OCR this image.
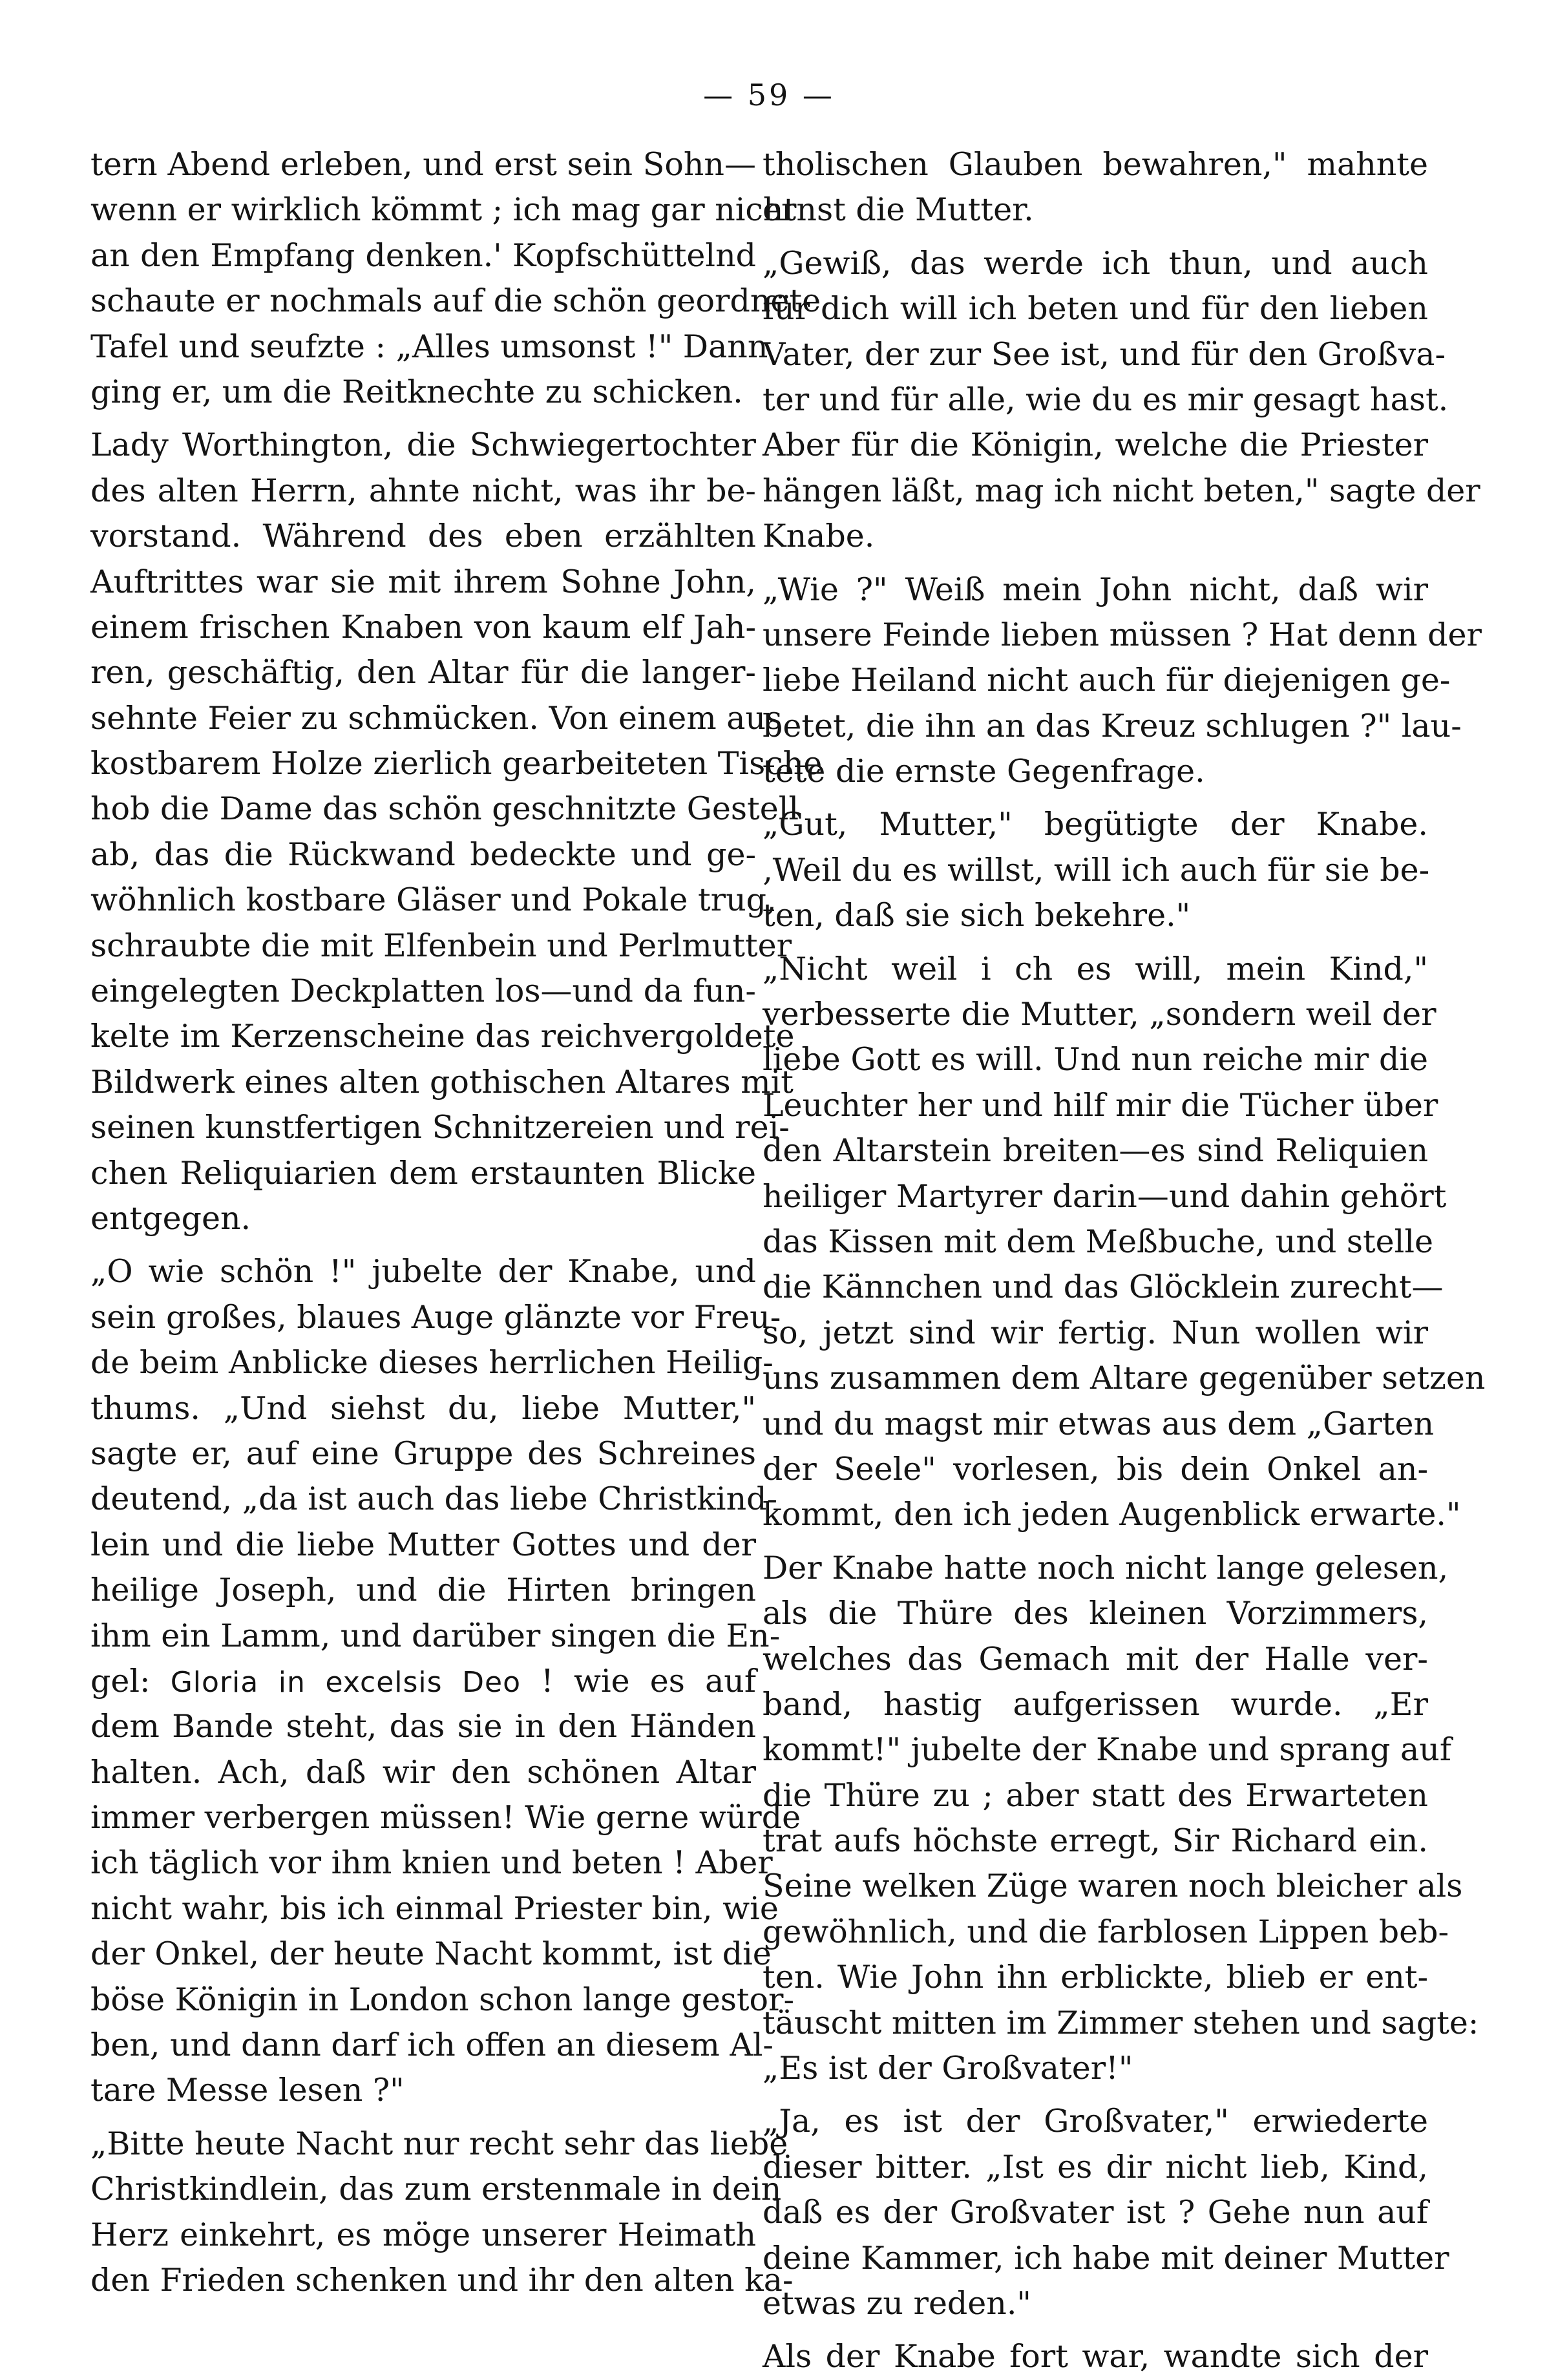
— 59 —
tern Abend erleben, und erst sein Sohn—
wenn er wirklich kömmt ; ich mag gar nicht
an den Empfang denken.' Kopfschüttelnd
schaute er nochmals auf die schön geordnete
Tafel und seufzte : „Alles umsonst !" Dann
ging er, um die Reitknechte zu schicken.
Lady Worthington, die Schwiegertochter
des alten Herrn, ahnte nicht, was ihr be-
vorstand. Während des eben erzählten
Auftrittes war sie mit ihrem Sohne John,
einem frischen Knaben von kaum elf Jah-
ren, geschäftig, den Altar für die langer-
sehnte Feier zu schmücken. Von einem aus
kostbarem Holze zierlich gearbeiteten Tische
hob die Dame das schön geschnitzte Gestell
ab, das die Rückwand bedeckte und ge-
wöhnlich kostbare Gläser und Pokale trug,
schraubte die mit Elfenbein und Perlmutter
eingelegten Deckplatten los—und da fun-
kelte im Kerzenscheine das reichvergoldete
Bildwerk eines alten gothischen Altares mit
seinen kunstfertigen Schnitzereien und rei-
chen Reliquiarien dem erstaunten Blicke
entgegen.
„O wie schön !" jubelte der Knabe, und
sein großes, blaues Auge glänzte vor Freu-
de beim Anblicke dieses herrlichen Heilig-
thums. „Und siehst du, liebe Mutter,"
sagte er, auf eine Gruppe des Schreines
deutend, „da ist auch das liebe Christkind-
lein und die liebe Mutter Gottes und der
heilige Joseph, und die Hirten bringen
ihm ein Lamm, und darüber singen die En-
gel: Gloria in excelsis Deo ! wie es auf
dem Bande steht, das sie in den Händen
halten. Ach, daß wir den schönen Altar
immer verbergen müssen! Wie gerne würde
ich täglich vor ihm knien und beten ! Aber
nicht wahr, bis ich einmal Priester bin, wie
der Onkel, der heute Nacht kommt, ist die
böse Königin in London schon lange gestor-
ben, und dann darf ich offen an diesem Al-
tare Messe lesen ?"
„Bitte heute Nacht nur recht sehr das liebe
Christkindlein, das zum erstenmale in dein
Herz einkehrt, es möge unserer Heimath
den Frieden schenken und ihr den alten ka-
tholischen Glauben bewahren," mahnte
ernst die Mutter.
„Gewiß, das werde ich thun, und auch
für dich will ich beten und für den lieben
Vater, der zur See ist, und für den Großva-
ter und für alle, wie du es mir gesagt hast.
Aber für die Königin, welche die Priester
hängen läßt, mag ich nicht beten," sagte der
Knabe.
„Wie ?" Weiß mein John nicht, daß wir
unsere Feinde lieben müssen ? Hat denn der
liebe Heiland nicht auch für diejenigen ge-
betet, die ihn an das Kreuz schlugen ?" lau-
tete die ernste Gegenfrage.
„Gut, Mutter," begütigte der Knabe.
‚Weil du es willst, will ich auch für sie be-
ten, daß sie sich bekehre."
„Nicht weil i ch es will, mein Kind,"
verbesserte die Mutter, „sondern weil der
liebe Gott es will. Und nun reiche mir die
Leuchter her und hilf mir die Tücher über
den Altarstein breiten—es sind Reliquien
heiliger Martyrer darin—und dahin gehört
das Kissen mit dem Meßbuche, und stelle
die Kännchen und das Glöcklein zurecht—
so, jetzt sind wir fertig. Nun wollen wir
uns zusammen dem Altare gegenüber setzen
und du magst mir etwas aus dem „Garten
der Seele" vorlesen, bis dein Onkel an-
kommt, den ich jeden Augenblick erwarte."
Der Knabe hatte noch nicht lange gelesen,
als die Thüre des kleinen Vorzimmers,
welches das Gemach mit der Halle ver-
band, hastig aufgerissen wurde. „Er
kommt!" jubelte der Knabe und sprang auf
die Thüre zu ; aber statt des Erwarteten
trat aufs höchste erregt, Sir Richard ein.
Seine welken Züge waren noch bleicher als
gewöhnlich, und die farblosen Lippen beb-
ten. Wie John ihn erblickte, blieb er ent-
täuscht mitten im Zimmer stehen und sagte:
„Es ist der Großvater!"
„Ja, es ist der Großvater," erwiederte
dieser bitter. „Ist es dir nicht lieb, Kind,
daß es der Großvater ist ? Gehe nun auf
deine Kammer, ich habe mit deiner Mutter
etwas zu reden."
Als der Knabe fort war, wandte sich der
